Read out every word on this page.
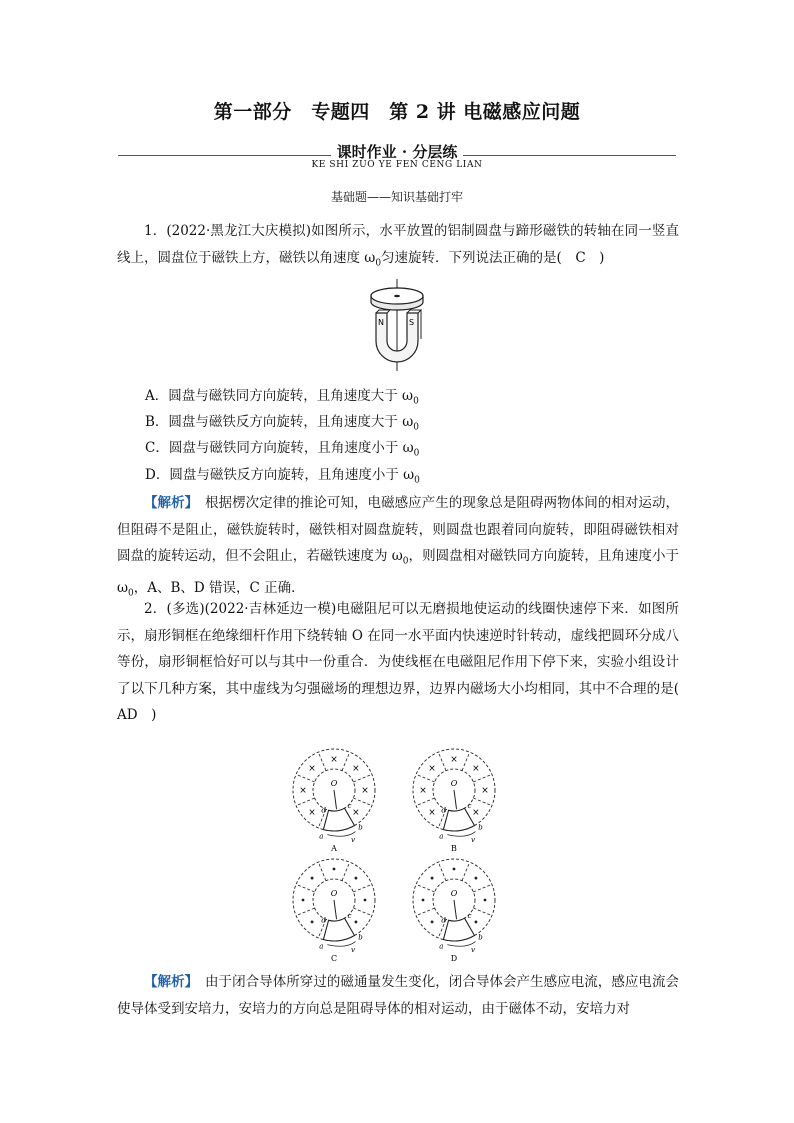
第一部分　专题四　第 2 讲 电磁感应问题
课时作业 · 分层练
KE SHI ZUO YE FEN CENG LIAN
基础题——知识基础打牢

1．(2022·黑龙江大庆模拟)如图所示，水平放置的铝制圆盘与蹄形磁铁的转轴在同一竖直线上，圆盘位于磁铁上方，磁铁以角速度 $\omega_0$匀速旋转．下列说法正确的是(　C　)

N	S
A．圆盘与磁铁同方向旋转，且角速度大于 $\omega_0$
B．圆盘与磁铁反方向旋转，且角速度大于 $\omega_0$
C．圆盘与磁铁同方向旋转，且角速度小于 $\omega_0$
D．圆盘与磁铁反方向旋转，且角速度小于 $\omega_0$

【解析】　根据楞次定律的推论可知，电磁感应产生的现象总是阻碍两物体间的相对运动，但阻碍不是阻止，磁铁旋转时，磁铁相对圆盘旋转，则圆盘也跟着同向旋转，即阻碍磁铁相对圆盘的旋转运动，但不会阻止，若磁铁速度为 $\omega_0$，则圆盘相对磁铁同方向旋转，且角速度小于 $\omega_0$，A、B、D 错误，C 正确．

2．(多选)(2022·吉林延边一模)电磁阻尼可以无磨损地使运动的线圈快速停下来．如图所示，扇形铜框在绝缘细杆作用下绕转轴 O 在同一水平面内快速逆时针转动，虚线把圆环分成八等份，扇形铜框恰好可以与其中一份重合．为使线框在电磁阻尼作用下停下来，实验小组设计了以下几种方案，其中虚线为匀强磁场的理想边界，边界内磁场大小均相同，其中不合理的是(　AD　)

×
×
×
×
×
×
×
O
d
c
a
b
v
A
×
×
×
×
×
×
×
O
d
c
a
b
v
B
O
d
c
a
b
v
C
O
d
c
a
b
v
D

【解析】　由于闭合导体所穿过的磁通量发生变化，闭合导体会产生感应电流，感应电流会使导体受到安培力，安培力的方向总是阻碍导体的相对运动，由于磁体不动，安培力对
